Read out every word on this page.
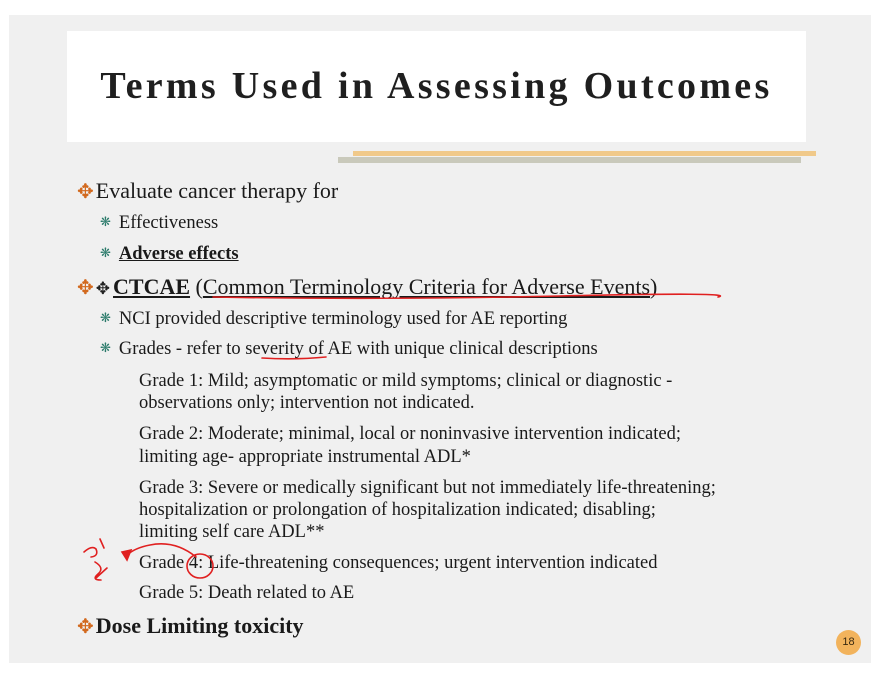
Terms Used in Assessing Outcomes
✥Evaluate cancer therapy for
❋ Effectiveness
❋ Adverse effects
✥ ✥ CTCAE (Common Terminology Criteria for Adverse Events)
❋ NCI provided descriptive terminology used for AE reporting
❋ Grades - refer to severity of AE with unique clinical descriptions
Grade 1: Mild; asymptomatic or mild symptoms; clinical or diagnostic -
observations only; intervention not indicated.
Grade 2: Moderate; minimal, local or noninvasive intervention indicated;
limiting age- appropriate instrumental ADL*
Grade 3: Severe or medically significant but not immediately life-threatening;
hospitalization or prolongation of hospitalization indicated; disabling;
limiting self care ADL**
Grade 4: Life-threatening consequences; urgent intervention indicated
Grade 5: Death related to AE
✥Dose Limiting toxicity
18
